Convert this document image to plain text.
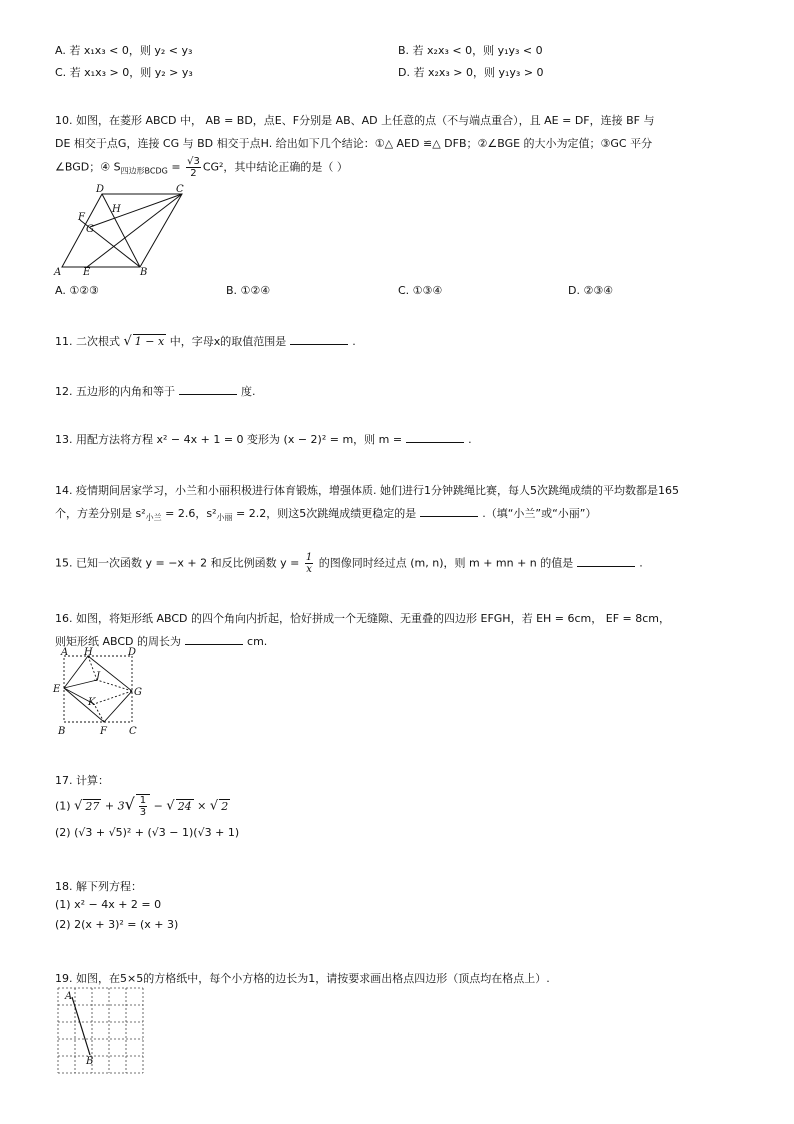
A. 若 x₁x₃ < 0，则 y₂ < y₃	B. 若 x₂x₃ < 0，则 y₁y₃ < 0
C. 若 x₁x₃ > 0，则 y₂ > y₃	D. 若 x₂x₃ > 0，则 y₁y₃ > 0
10. 如图，在菱形 ABCD 中， AB = BD，点E、F分别是 AB、AD 上任意的点（不与端点重合），且 AE = DF，连接 BF 与
DE 相交于点G，连接 CG 与 BD 相交于点H. 给出如下几个结论：①△ AED ≌△ DFB；②∠BGE 的大小为定值；③GC 平分
∠BGD；④ $S_{四边形BCDG} = \frac{√3}{2} CG^2$，其中结论正确的是（ ）
A	B
C
D
E
F
G
H
A. ①②③	B. ①②④	C. ①③④	D. ②③④
11. 二次根式 √ 1 − x 中，字母x的取值范围是	.
12. 五边形的内角和等于	度.
13. 用配方法将方程 x² − 4x + 1 = 0 变形为 (x − 2)² = m，则 m =	.
14. 疫情期间居家学习，小兰和小丽积极进行体育锻炼，增强体质. 她们进行1分钟跳绳比赛，每人5次跳绳成绩的平均数都是165
个，方差分别是 $s^2_{小兰} = 2.6$，$s^2_{小丽} = 2.2$，则这5次跳绳成绩更稳定的是	.（填“小兰”或“小丽”）
15. 已知一次函数 y = −x + 2 和反比例函数 $y = \frac{1}{x}$ 的图像同时经过点 (m, n)，则 m + mn + n 的值是	.
16. 如图，将矩形纸 ABCD 的四个角向内折起，恰好拼成一个无缝隙、无重叠的四边形 EFGH，若 EH = 6cm， EF = 8cm，
则矩形纸 ABCD 的周长为	cm.
A H	D
E
J
G
K
B	F C
17. 计算：
(1) √ $27 + 3√ \frac{1}{3}$ − √ 24 × √ 2
(2) (√3 + √5)² + (√3 − 1)(√3 + 1)
18. 解下列方程：
(1) x² − 4x + 2 = 0
(2) 2(x + 3)² = (x + 3)
19. 如图，在5×5的方格纸中，每个小方格的边长为1，请按要求画出格点四边形（顶点均在格点上）.
A
B
